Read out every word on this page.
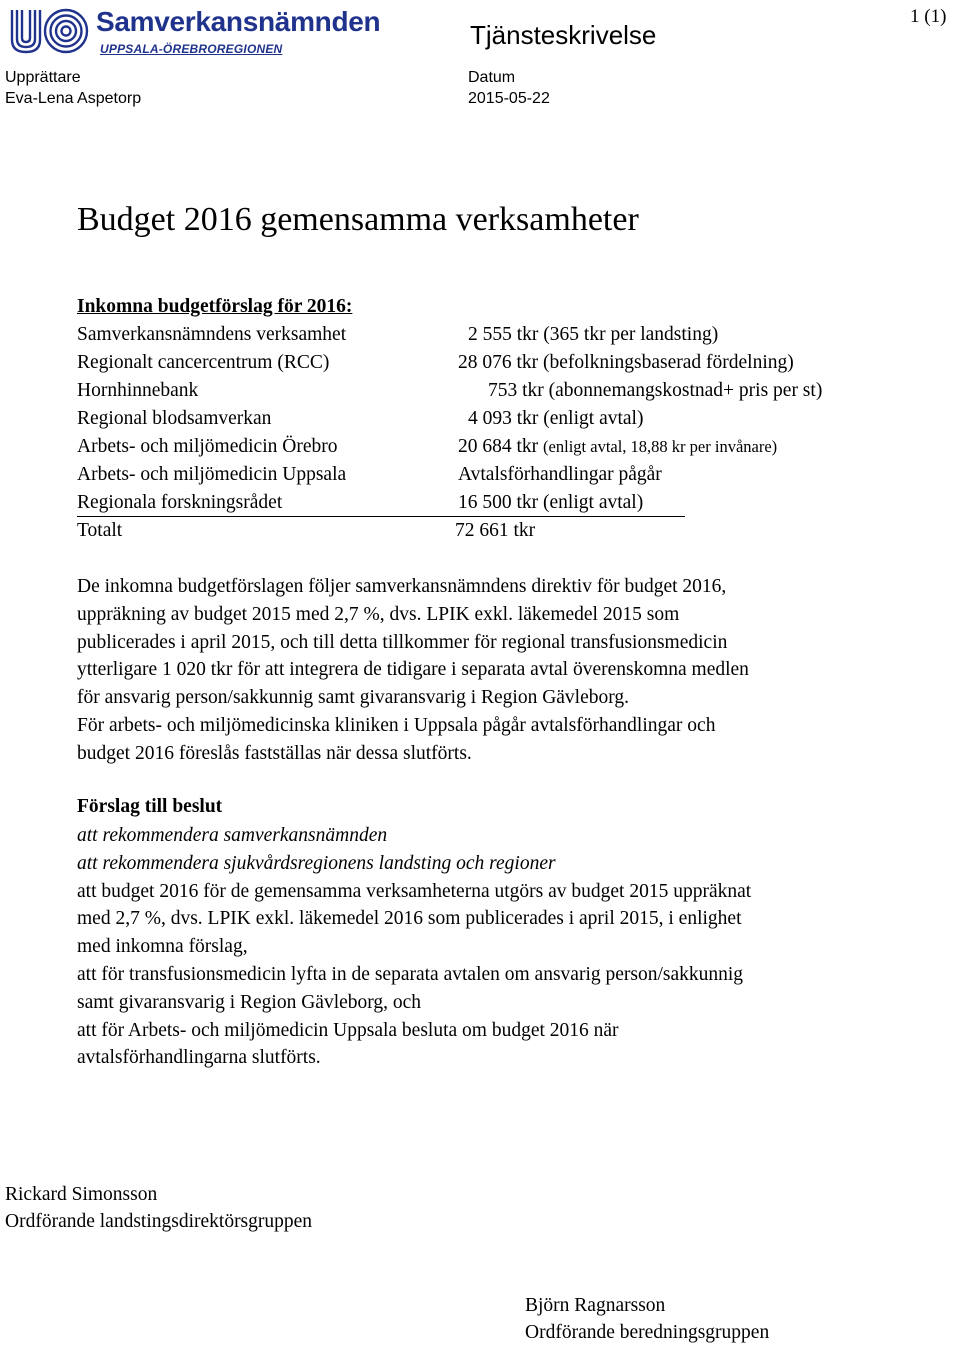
Samverkansnämnden
UPPSALA-ÖREBROREGIONEN	Tjänsteskrivelse
1 (1)
Upprättare
Eva-Lena Aspetorp
Datum
2015-05-22
Budget 2016 gemensamma verksamheter
Inkomna budgetförslag för 2016:
Samverkansnämndens verksamhet	2 555 tkr (365 tkr per landsting)
Regionalt cancercentrum (RCC)	28 076 tkr (befolkningsbaserad fördelning)
Hornhinnebank	753 tkr (abonnemangskostnad+ pris per st)
Regional blodsamverkan	4 093 tkr (enligt avtal)
Arbets- och miljömedicin Örebro	20 684 tkr (enligt avtal, 18,88 kr per invånare)
Arbets- och miljömedicin Uppsala	Avtalsförhandlingar pågår
Regionala forskningsrådet	16 500 tkr (enligt avtal)
Totalt	72 661 tkr
De inkomna budgetförslagen följer samverkansnämndens direktiv för budget 2016,
uppräkning av budget 2015 med 2,7 %, dvs. LPIK exkl. läkemedel 2015 som
publicerades i april 2015, och till detta tillkommer för regional transfusionsmedicin
ytterligare 1 020 tkr för att integrera de tidigare i separata avtal överenskomna medlen
för ansvarig person/sakkunnig samt givaransvarig i Region Gävleborg.
För arbets- och miljömedicinska kliniken i Uppsala pågår avtalsförhandlingar och
budget 2016 föreslås fastställas när dessa slutförts.
Förslag till beslut
att rekommendera samverkansnämnden
att rekommendera sjukvårdsregionens landsting och regioner
att budget 2016 för de gemensamma verksamheterna utgörs av budget 2015 uppräknat
med 2,7 %, dvs. LPIK exkl. läkemedel 2016 som publicerades i april 2015, i enlighet
med inkomna förslag,
att för transfusionsmedicin lyfta in de separata avtalen om ansvarig person/sakkunnig
samt givaransvarig i Region Gävleborg, och
att för Arbets- och miljömedicin Uppsala besluta om budget 2016 när
avtalsförhandlingarna slutförts.
Rickard Simonsson
Ordförande landstingsdirektörsgruppen
Björn Ragnarsson
Ordförande beredningsgruppen
